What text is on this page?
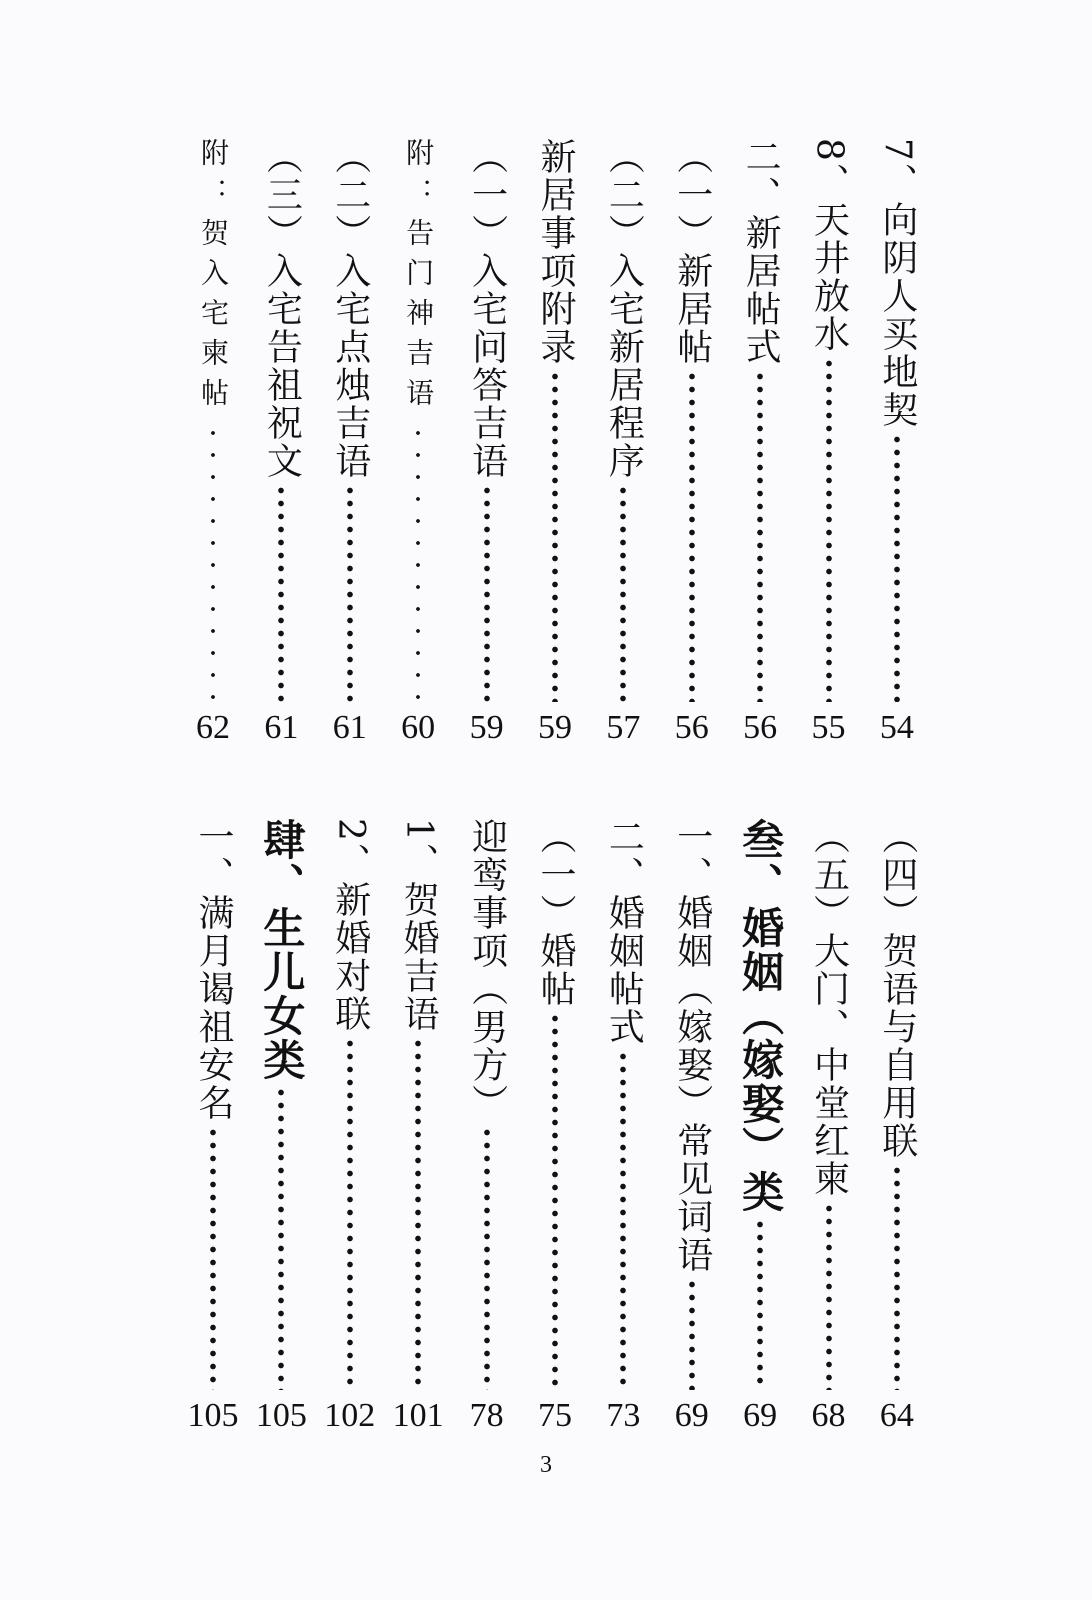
7、向阴人买地契
54
8、天井放水
55
二、新居帖式
56
（一）新居帖
56
（二）入宅新居程序
57
新居事项附录
59
（一）入宅问答吉语
59
附：告门神吉语
60
（二）入宅点烛吉语
61
（三）入宅告祖祝文
61
附：贺入宅柬帖
62
（四）贺语与自用联
64
（五）大门、中堂红柬
68
叁、婚姻（嫁娶）类
69
一、婚姻（嫁娶）常见词语
69
二、婚姻帖式
73
（一）婚帖
75
迎鸾事项（男方）
78
1、贺婚吉语
101
2、新婚对联
102
肆、生儿女类
105
一、满月谒祖安名
105
3
